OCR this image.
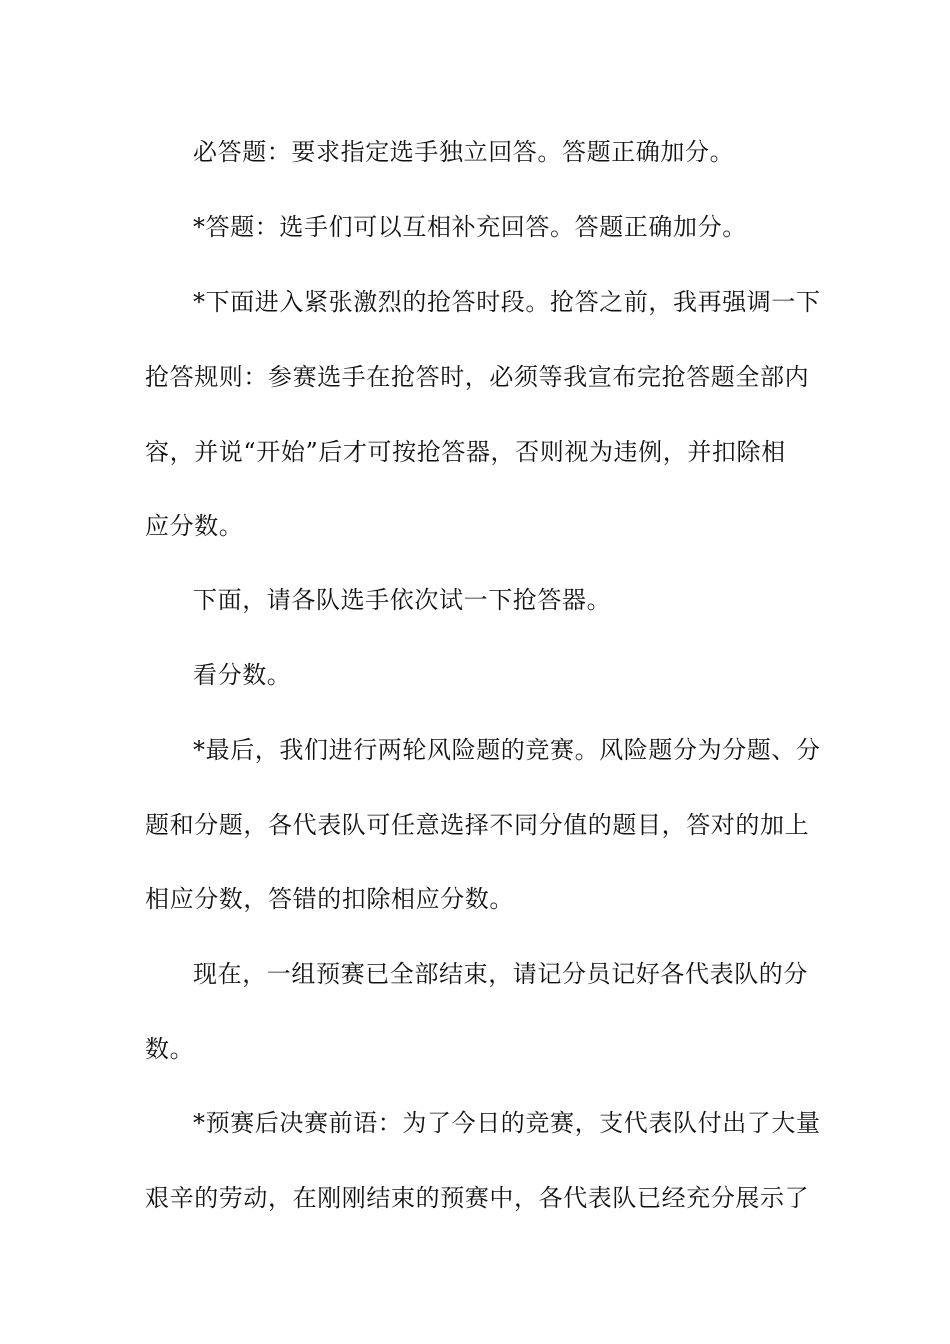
必答题：要求指定选手独立回答。答题正确加分。

*答题：选手们可以互相补充回答。答题正确加分。

*下面进入紧张激烈的抢答时段。抢答之前，我再强调一下

抢答规则：参赛选手在抢答时，必须等我宣布完抢答题全部内

容，并说“开始”后才可按抢答器，否则视为违例，并扣除相

应分数。

下面，请各队选手依次试一下抢答器。

看分数。

*最后，我们进行两轮风险题的竞赛。风险题分为分题、分

题和分题，各代表队可任意选择不同分值的题目，答对的加上

相应分数，答错的扣除相应分数。

现在，一组预赛已全部结束，请记分员记好各代表队的分

数。

*预赛后决赛前语：为了今日的竞赛，支代表队付出了大量

艰辛的劳动，在刚刚结束的预赛中，各代表队已经充分展示了
